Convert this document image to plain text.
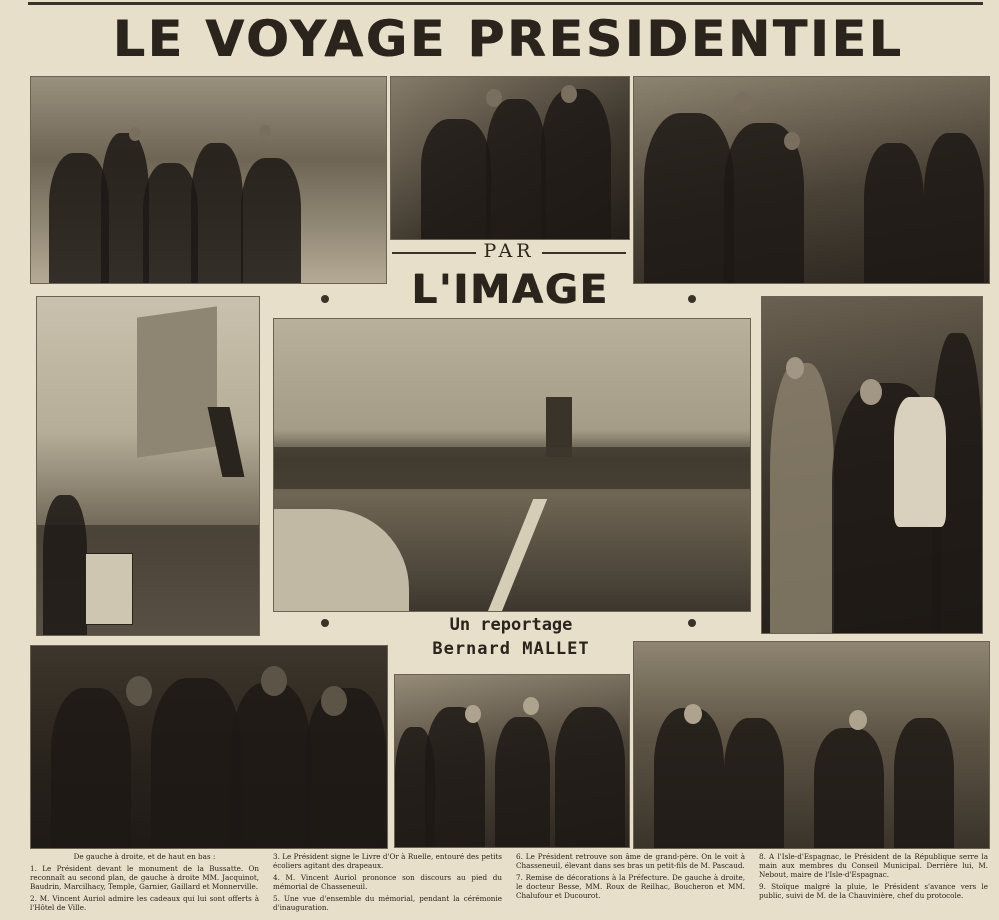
LE VOYAGE PRESIDENTIEL
PAR
L'IMAGE
Un reportage
Bernard MALLET

De gauche à droite, et de haut en bas :

1. Le Président devant le monument de la Bussatte. On reconnaît au second plan, de gauche à droite MM. Jacquinot, Baudrin, Marcilhacy, Temple, Garnier, Gaillard et Monnerville.

2. M. Vincent Auriol admire les cadeaux qui lui sont offerts à l'Hôtel de Ville.

3. Le Président signe le Livre d'Or à Ruelle, entouré des petits écoliers agitant des drapeaux.

4. M. Vincent Auriol prononce son discours au pied du mémorial de Chasseneuil.

5. Une vue d'ensemble du mémorial, pendant la cérémonie d'inauguration.

6. Le Président retrouve son âme de grand-père. On le voit à Chasseneuil, élevant dans ses bras un petit-fils de M. Pascaud.

7. Remise de décorations à la Préfecture. De gauche à droite, le docteur Besse, MM. Roux de Reilhac, Boucheron et MM. Chalufour et Ducourot.

8. A l'Isle-d'Espagnac, le Président de la République serre la main aux membres du Conseil Municipal. Derrière lui, M. Nebout, maire de l'Isle-d'Espagnac.

9. Stoïque malgré la pluie, le Président s'avance vers le public, suivi de M. de la Chauvinière, chef du protocole.
